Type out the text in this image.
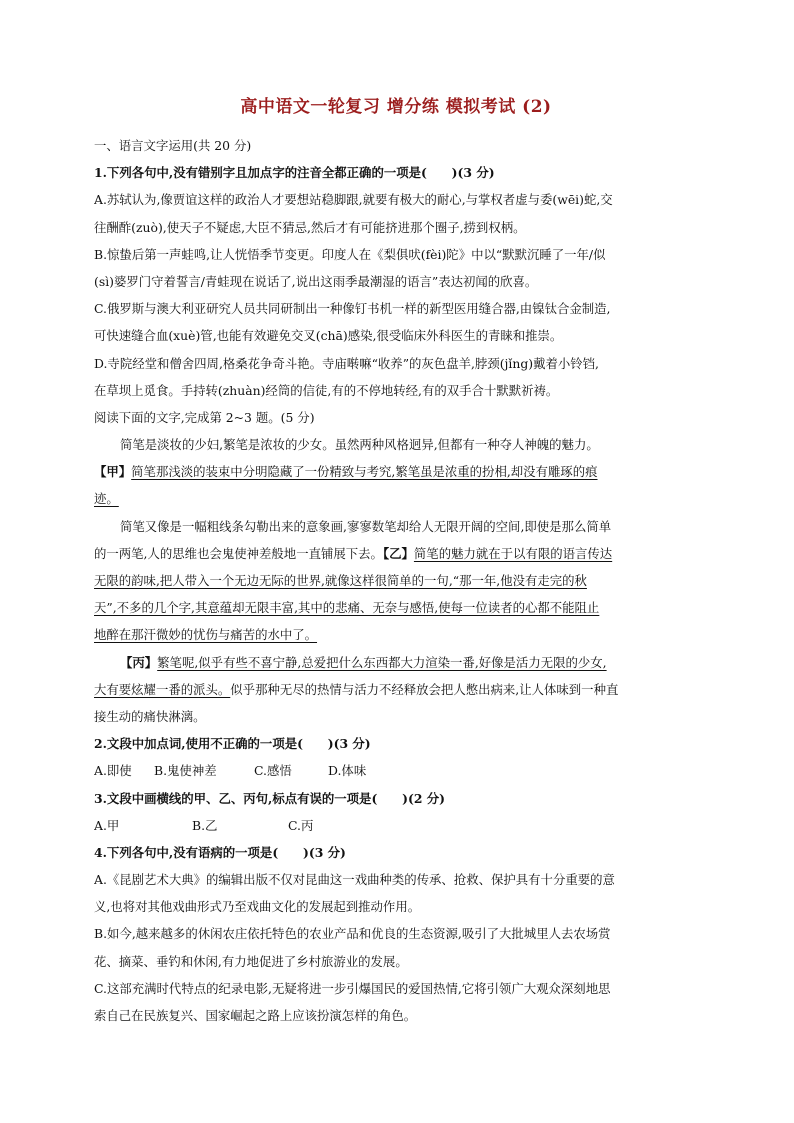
高中语文一轮复习 增分练 模拟考试 (2)
一、语言文字运用(共 20 分)
1.下列各句中,没有错别字且加点字的注音全都正确的一项是(　　)(3 分)
A.苏轼认为,像贾谊这样的政治人才要想站稳脚跟,就要有极大的耐心,与掌权者虚与委(wēi)蛇,交
往酬酢(zuò),使天子不疑虑,大臣不猜忌,然后才有可能挤进那个圈子,捞到权柄。
B.惊蛰后第一声蛙鸣,让人恍悟季节变更。印度人在《梨俱吠(fèi)陀》中以“默默沉睡了一年/似
(sì)婆罗门守着誓言/青蛙现在说话了,说出这雨季最潮湿的语言”表达初闻的欣喜。
C.俄罗斯与澳大利亚研究人员共同研制出一种像钉书机一样的新型医用缝合器,由镍钛合金制造,
可快速缝合血(xuè)管,也能有效避免交叉(chā)感染,很受临床外科医生的青睐和推崇。
D.寺院经堂和僧舍四周,格桑花争奇斗艳。寺庙啭嘛“收养”的灰色盘羊,脖颈(jǐng)戴着小铃铛,
在草坝上觅食。手持转(zhuàn)经筒的信徒,有的不停地转经,有的双手合十默默祈祷。
阅读下面的文字,完成第 2~3 题。(5 分)
简笔是淡妆的少妇,繁笔是浓妆的少女。虽然两种风格迥异,但都有一种夺人神魄的魅力。
【甲】简笔那浅淡的装束中分明隐藏了一份精致与考究,繁笔虽是浓重的扮相,却没有雕琢的痕
迹。
简笔又像是一幅粗线条勾勒出来的意象画,寥寥数笔却给人无限开阔的空间,即使是那么简单
的一两笔,人的思维也会鬼使神差般地一直铺展下去。【乙】简笔的魅力就在于以有限的语言传达
无限的韵味,把人带入一个无边无际的世界,就像这样很简单的一句,“那一年,他没有走完的秋
天”,不多的几个字,其意蕴却无限丰富,其中的悲痛、无奈与感悟,使每一位读者的心都不能阻止
地醉在那汗微妙的忧伤与痛苦的水中了。
【丙】繁笔呢,似乎有些不喜宁静,总爱把什么东西都大力渲染一番,好像是活力无限的少女,
大有要炫耀一番的派头。似乎那种无尽的热情与活力不经释放会把人憋出病来,让人体味到一种直
接生动的痛快淋漓。
2.文段中加点词,使用不正确的一项是(　　)(3 分)
A.即使 B.鬼使神差	C.感悟	D.体味
3.文段中画横线的甲、乙、丙句,标点有误的一项是(　　)(2 分)
A.甲	B.乙	C.丙
4.下列各句中,没有语病的一项是(　　)(3 分)
A.《昆剧艺术大典》的编辑出版不仅对昆曲这一戏曲种类的传承、抢救、保护具有十分重要的意
义,也将对其他戏曲形式乃至戏曲文化的发展起到推动作用。
B.如今,越来越多的休闲农庄依托特色的农业产品和优良的生态资源,吸引了大批城里人去农场赏
花、摘菜、垂钓和休闲,有力地促进了乡村旅游业的发展。
C.这部充满时代特点的纪录电影,无疑将进一步引爆国民的爱国热情,它将引领广大观众深刻地思
索自己在民族复兴、国家崛起之路上应该扮演怎样的角色。
